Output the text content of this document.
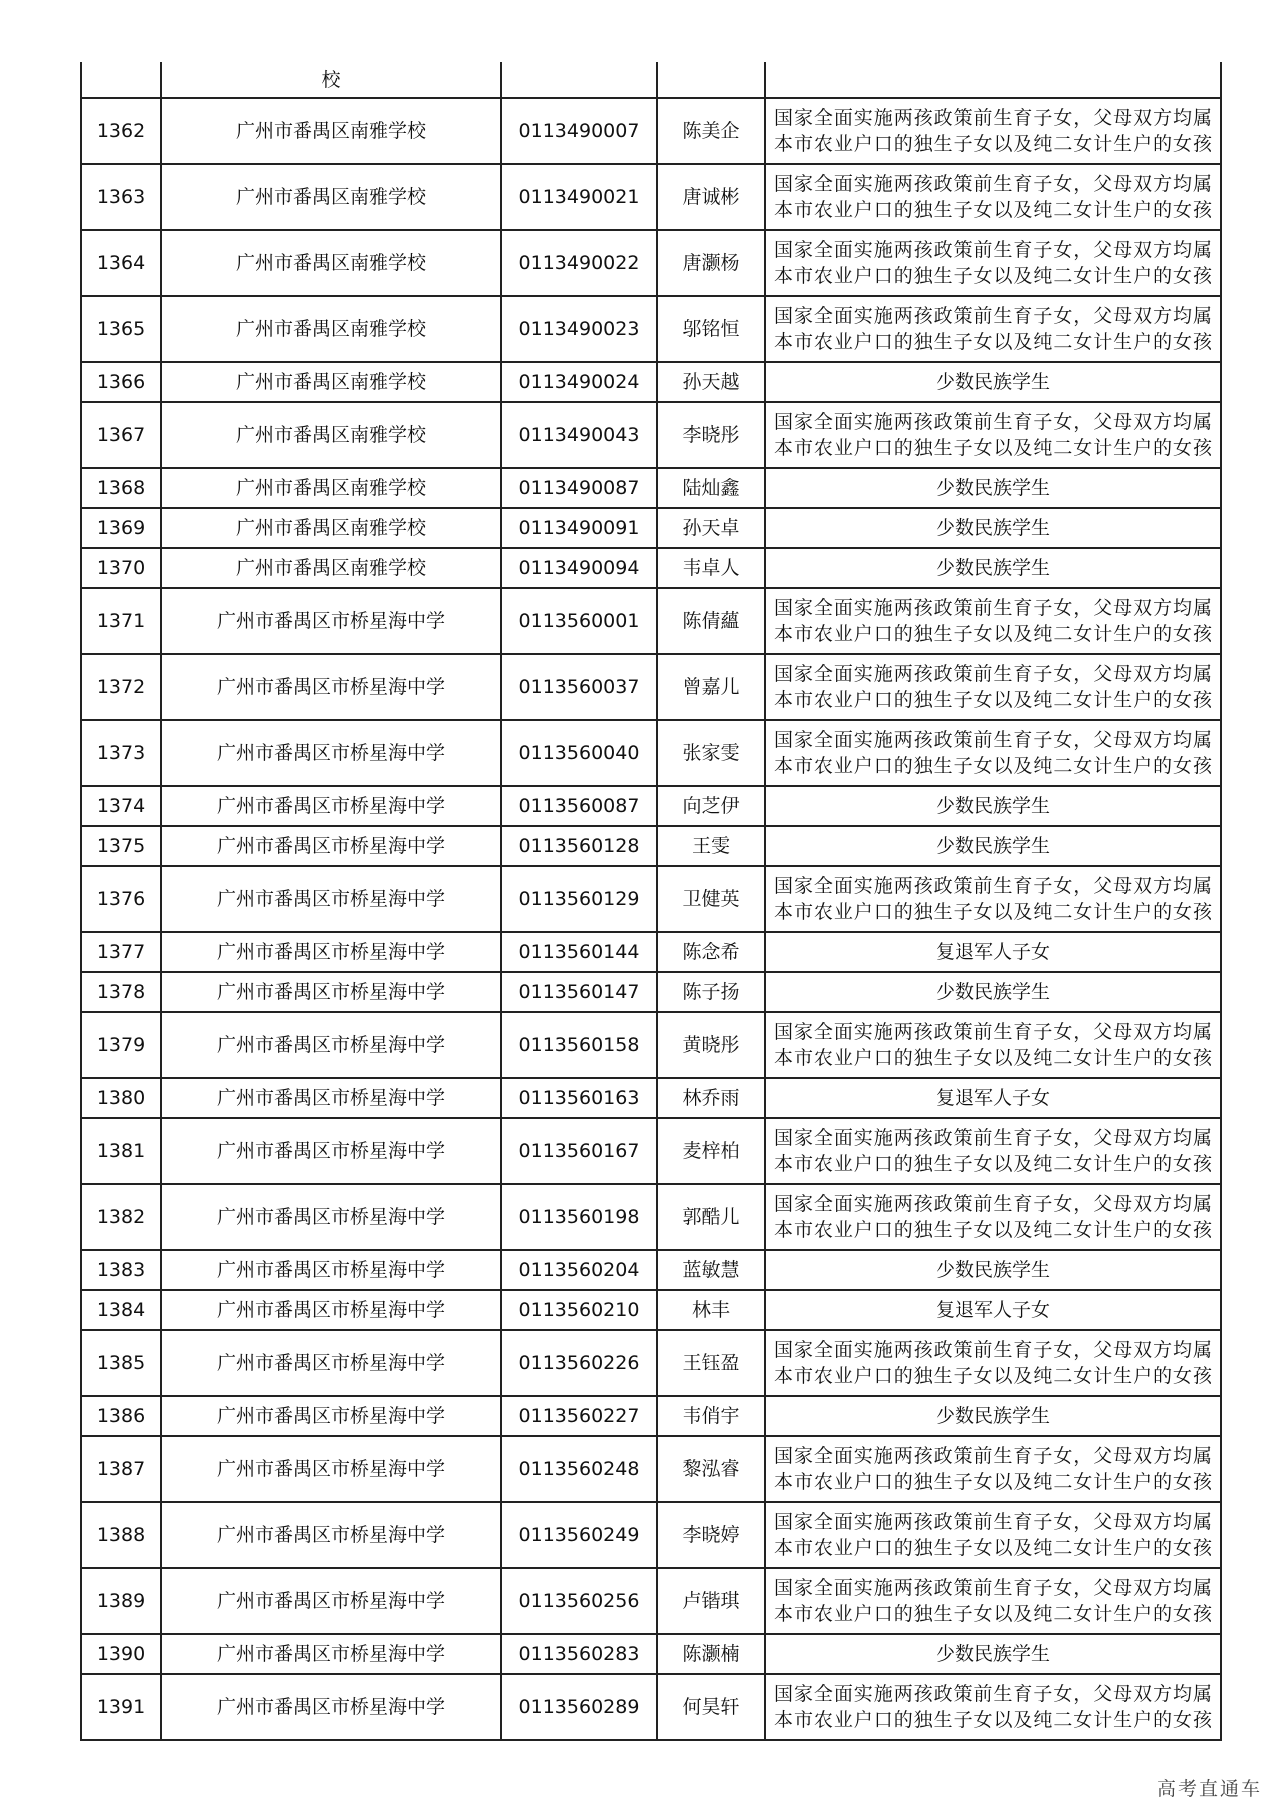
	校			
1362	广州市番禺区南雅学校	0113490007	陈美企	国家全面实施两孩政策前生育子女，父母双方均属
本市农业户口的独生子女以及纯二女计生户的女孩

1363	广州市番禺区南雅学校	0113490021	唐诚彬	国家全面实施两孩政策前生育子女，父母双方均属
本市农业户口的独生子女以及纯二女计生户的女孩

1364	广州市番禺区南雅学校	0113490022	唐灏杨	国家全面实施两孩政策前生育子女，父母双方均属
本市农业户口的独生子女以及纯二女计生户的女孩

1365	广州市番禺区南雅学校	0113490023	邬铭恒	国家全面实施两孩政策前生育子女，父母双方均属
本市农业户口的独生子女以及纯二女计生户的女孩

1366	广州市番禺区南雅学校	0113490024	孙天越	少数民族学生
1367	广州市番禺区南雅学校	0113490043	李晓彤	国家全面实施两孩政策前生育子女，父母双方均属
本市农业户口的独生子女以及纯二女计生户的女孩

1368	广州市番禺区南雅学校	0113490087	陆灿鑫	少数民族学生
1369	广州市番禺区南雅学校	0113490091	孙天卓	少数民族学生
1370	广州市番禺区南雅学校	0113490094	韦卓人	少数民族学生
1371	广州市番禺区市桥星海中学	0113560001	陈倩蘊	国家全面实施两孩政策前生育子女，父母双方均属
本市农业户口的独生子女以及纯二女计生户的女孩

1372	广州市番禺区市桥星海中学	0113560037	曾嘉儿	国家全面实施两孩政策前生育子女，父母双方均属
本市农业户口的独生子女以及纯二女计生户的女孩

1373	广州市番禺区市桥星海中学	0113560040	张家雯	国家全面实施两孩政策前生育子女，父母双方均属
本市农业户口的独生子女以及纯二女计生户的女孩

1374	广州市番禺区市桥星海中学	0113560087	向芝伊	少数民族学生
1375	广州市番禺区市桥星海中学	0113560128	王雯	少数民族学生
1376	广州市番禺区市桥星海中学	0113560129	卫健英	国家全面实施两孩政策前生育子女，父母双方均属
本市农业户口的独生子女以及纯二女计生户的女孩

1377	广州市番禺区市桥星海中学	0113560144	陈念希	复退军人子女
1378	广州市番禺区市桥星海中学	0113560147	陈子扬	少数民族学生
1379	广州市番禺区市桥星海中学	0113560158	黄晓彤	国家全面实施两孩政策前生育子女，父母双方均属
本市农业户口的独生子女以及纯二女计生户的女孩

1380	广州市番禺区市桥星海中学	0113560163	林乔雨	复退军人子女
1381	广州市番禺区市桥星海中学	0113560167	麦梓柏	国家全面实施两孩政策前生育子女，父母双方均属
本市农业户口的独生子女以及纯二女计生户的女孩

1382	广州市番禺区市桥星海中学	0113560198	郭酷儿	国家全面实施两孩政策前生育子女，父母双方均属
本市农业户口的独生子女以及纯二女计生户的女孩

1383	广州市番禺区市桥星海中学	0113560204	蓝敏慧	少数民族学生
1384	广州市番禺区市桥星海中学	0113560210	林丰	复退军人子女
1385	广州市番禺区市桥星海中学	0113560226	王钰盈	国家全面实施两孩政策前生育子女，父母双方均属
本市农业户口的独生子女以及纯二女计生户的女孩

1386	广州市番禺区市桥星海中学	0113560227	韦俏宇	少数民族学生
1387	广州市番禺区市桥星海中学	0113560248	黎泓睿	国家全面实施两孩政策前生育子女，父母双方均属
本市农业户口的独生子女以及纯二女计生户的女孩

1388	广州市番禺区市桥星海中学	0113560249	李晓婷	国家全面实施两孩政策前生育子女，父母双方均属
本市农业户口的独生子女以及纯二女计生户的女孩

1389	广州市番禺区市桥星海中学	0113560256	卢锴琪	国家全面实施两孩政策前生育子女，父母双方均属
本市农业户口的独生子女以及纯二女计生户的女孩

1390	广州市番禺区市桥星海中学	0113560283	陈灏楠	少数民族学生
1391	广州市番禺区市桥星海中学	0113560289	何昊轩	国家全面实施两孩政策前生育子女，父母双方均属
本市农业户口的独生子女以及纯二女计生户的女孩
高考直通车
